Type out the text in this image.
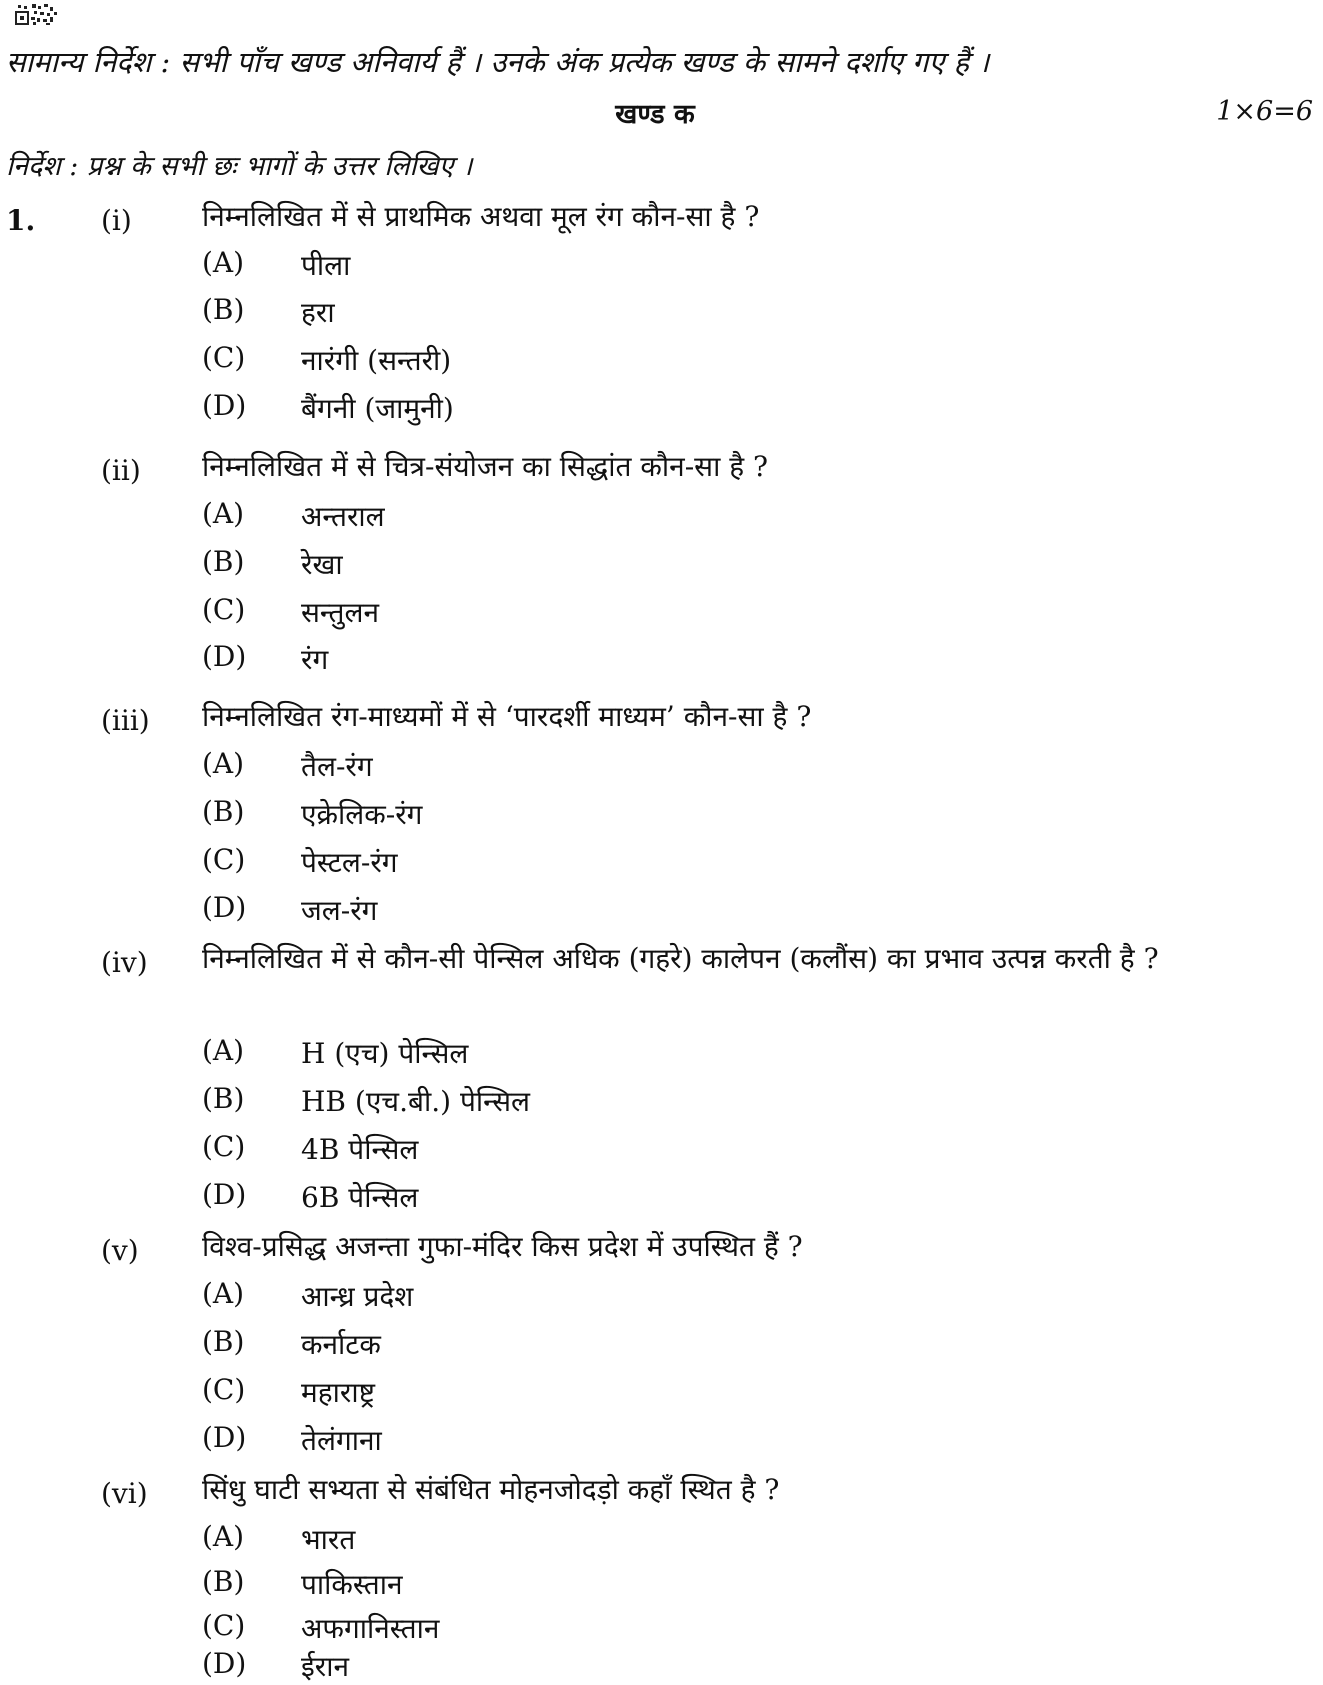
सामान्य निर्देश : सभी पाँच खण्ड अनिवार्य हैं । उनके अंक प्रत्येक खण्ड के सामने दर्शाए गए हैं ।
खण्ड क	1×6=6
निर्देश : प्रश्न के सभी छः भागों के उत्तर लिखिए ।
1. (i)	निम्नलिखित में से प्राथमिक अथवा मूल रंग कौन-सा है ?
(A) पीला
(B) हरा
(C) नारंगी (सन्तरी)
(D) बैंगनी (जामुनी)
(ii) निम्नलिखित में से चित्र-संयोजन का सिद्धांत कौन-सा है ?
(A) अन्तराल
(B) रेखा
(C) सन्तुलन
(D) रंग
(iii) निम्नलिखित रंग-माध्यमों में से ‘पारदर्शी माध्यम’ कौन-सा है ?
(A) तैल-रंग
(B) एक्रेलिक-रंग
(C) पेस्टल-रंग
(D) जल-रंग
(iv) निम्नलिखित में से कौन-सी पेन्सिल अधिक (गहरे) कालेपन (कलौंस) का प्रभाव उत्पन्न करती है ?
(A) H (एच) पेन्सिल
(B) HB (एच.बी.) पेन्सिल
(C) 4B पेन्सिल
(D) 6B पेन्सिल
(v) विश्व-प्रसिद्ध अजन्ता गुफा-मंदिर किस प्रदेश में उपस्थित हैं ?
(A) आन्ध्र प्रदेश
(B) कर्नाटक
(C) महाराष्ट्र
(D) तेलंगाना
(vi) सिंधु घाटी सभ्यता से संबंधित मोहनजोदड़ो कहाँ स्थित है ?
(A) भारत
(B) पाकिस्तान
(C) अफगानिस्तान
(D) ईरान
